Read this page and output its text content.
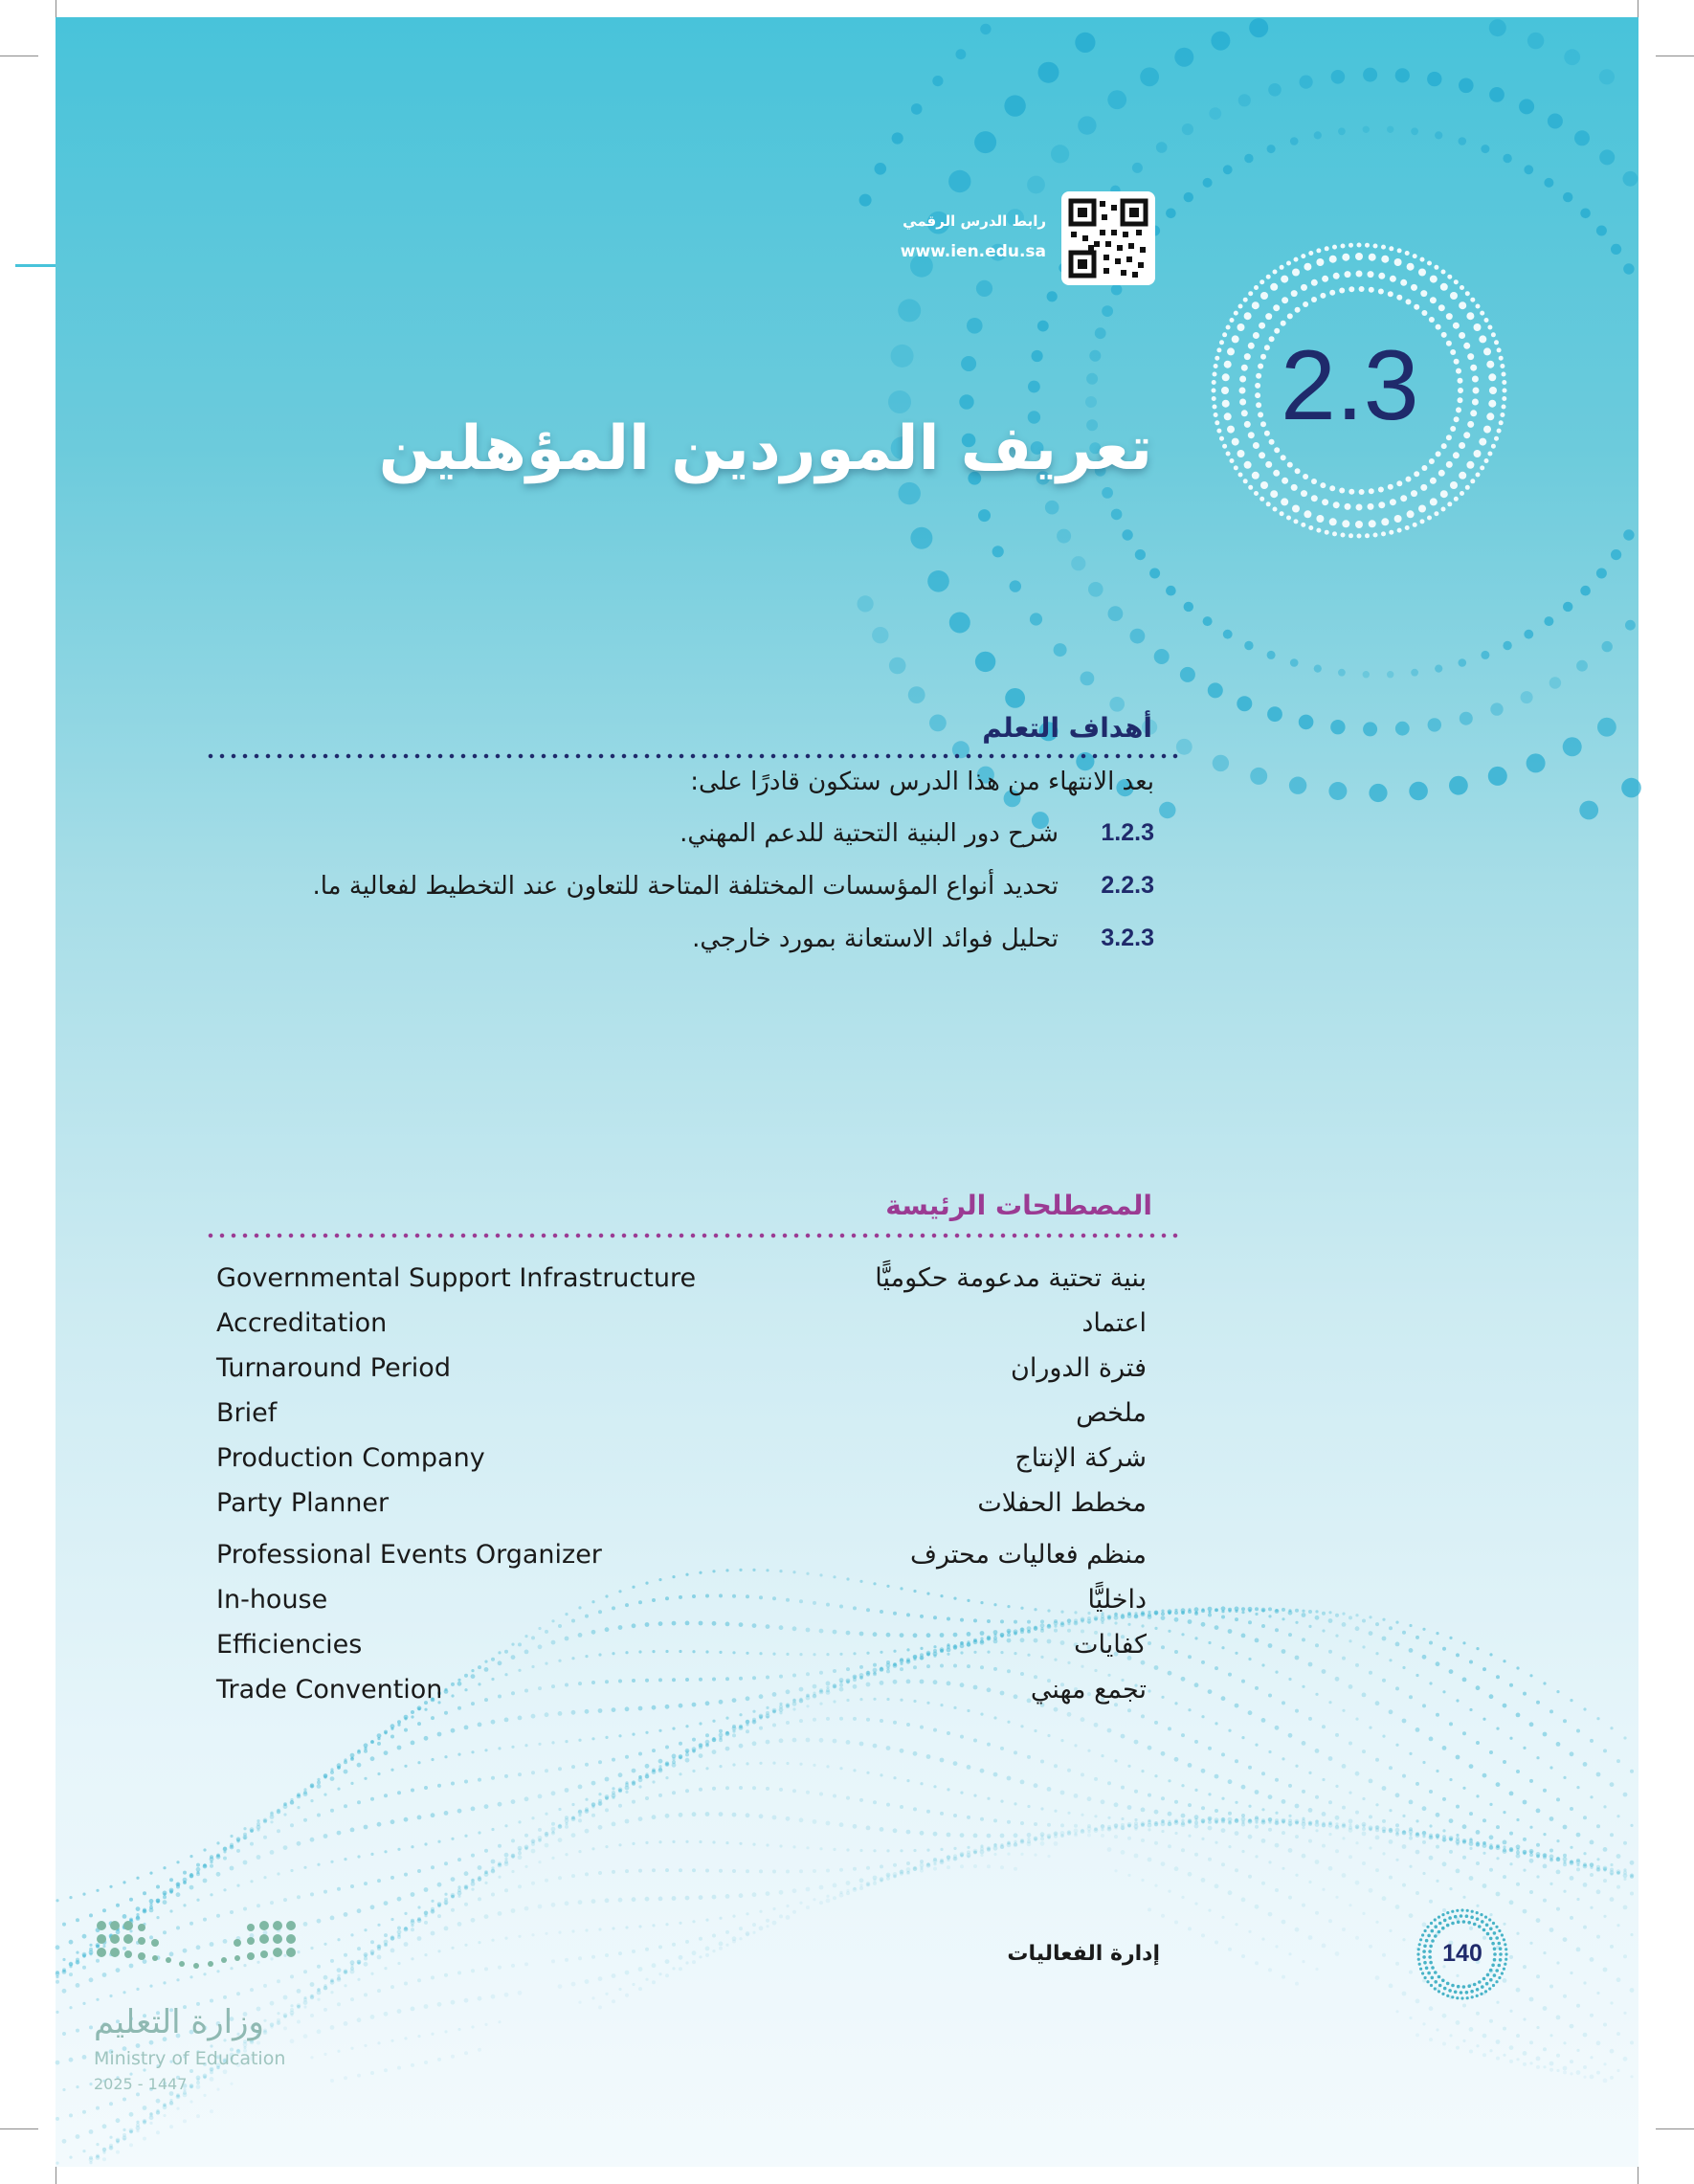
رابط الدرس الرقمي
www.ien.edu.sa
2.3
تعريف الموردين المؤهلين
أهداف التعلم
بعد الانتهاء من هذا الدرس ستكون قادرًا على:
1.2.3
شرح دور البنية التحتية للدعم المهني.
2.2.3
تحديد أنواع المؤسسات المختلفة المتاحة للتعاون عند التخطيط لفعالية ما.
3.2.3
تحليل فوائد الاستعانة بمورد خارجي.
المصطلحات الرئيسة
Governmental Support Infrastructure	بنية تحتية مدعومة حكوميًّا
Accreditation	اعتماد
Turnaround Period	فترة الدوران
Brief	ملخص
Production Company	شركة الإنتاج
Party Planner	مخطط الحفلات
Professional Events Organizer	منظم فعاليات محترف
In-house	داخليًّا
Efficiencies	كفايات
Trade Convention	تجمع مهني
إدارة الفعاليات	140
وزارة التعليم
Ministry of Education
2025 - 1447
